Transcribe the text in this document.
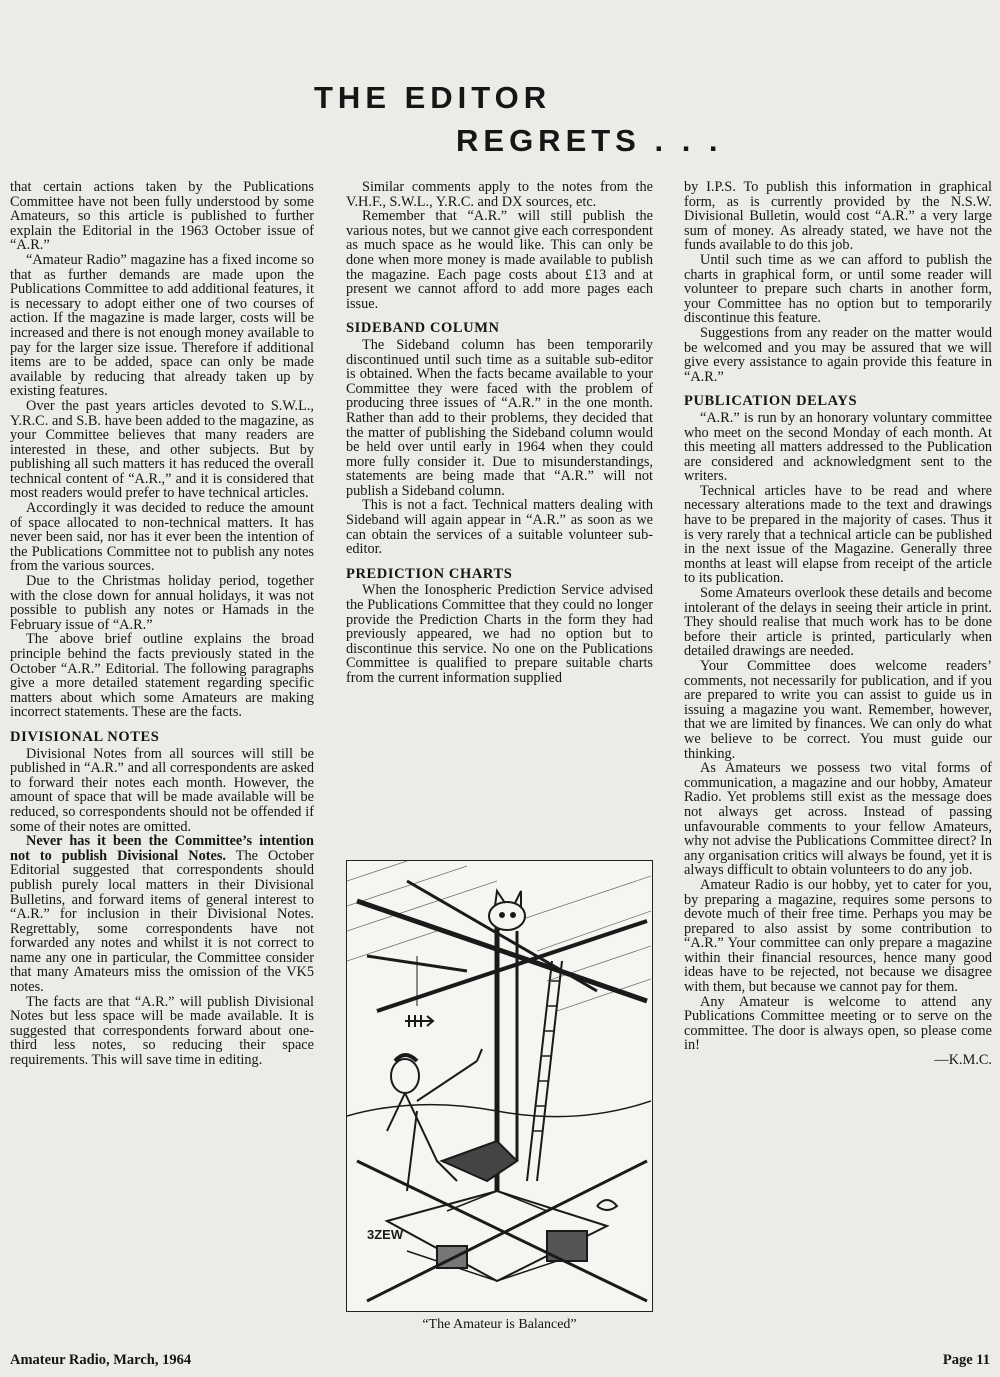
THE EDITOR
REGRETS . . .

that certain actions taken by the Publications Committee have not been fully understood by some Amateurs, so this article is published to further explain the Editorial in the 1963 October issue of “A.R.”

“Amateur Radio” magazine has a fixed income so that as further demands are made upon the Publications Committee to add additional features, it is necessary to adopt either one of two courses of action. If the magazine is made larger, costs will be increased and there is not enough money available to pay for the larger size issue. Therefore if additional items are to be added, space can only be made available by reducing that already taken up by existing features.

Over the past years articles devoted to S.W.L., Y.R.C. and S.B. have been added to the magazine, as your Committee believes that many readers are interested in these, and other subjects. But by publishing all such matters it has reduced the overall technical content of “A.R.,” and it is considered that most readers would prefer to have technical articles.

Accordingly it was decided to reduce the amount of space allocated to non-technical matters. It has never been said, nor has it ever been the intention of the Publications Committee not to publish any notes from the various sources.

Due to the Christmas holiday period, together with the close down for annual holidays, it was not possible to publish any notes or Hamads in the February issue of “A.R.”

The above brief outline explains the broad principle behind the facts previously stated in the October “A.R.” Editorial. The following paragraphs give a more detailed statement regarding specific matters about which some Amateurs are making incorrect statements. These are the facts.

DIVISIONAL NOTES

Divisional Notes from all sources will still be published in “A.R.” and all correspondents are asked to forward their notes each month. However, the amount of space that will be made available will be reduced, so correspondents should not be offended if some of their notes are omitted.

Never has it been the Committee’s intention not to publish Divisional Notes. The October Editorial suggested that correspondents should publish purely local matters in their Divisional Bulletins, and forward items of general interest to “A.R.” for inclusion in their Divisional Notes. Regrettably, some correspondents have not forwarded any notes and whilst it is not correct to name any one in particular, the Committee consider that many Amateurs miss the omission of the VK5 notes.

The facts are that “A.R.” will publish Divisional Notes but less space will be made available. It is suggested that correspondents forward about one-third less notes, so reducing their space requirements. This will save time in editing.

Similar comments apply to the notes from the V.H.F., S.W.L., Y.R.C. and DX sources, etc.

Remember that “A.R.” will still publish the various notes, but we cannot give each correspondent as much space as he would like. This can only be done when more money is made available to publish the magazine. Each page costs about £13 and at present we cannot afford to add more pages each issue.

SIDEBAND COLUMN

The Sideband column has been temporarily discontinued until such time as a suitable sub-editor is obtained. When the facts became available to your Committee they were faced with the problem of producing three issues of “A.R.” in the one month. Rather than add to their problems, they decided that the matter of publishing the Sideband column would be held over until early in 1964 when they could more fully consider it. Due to misunderstandings, statements are being made that “A.R.” will not publish a Sideband column.

This is not a fact. Technical matters dealing with Sideband will again appear in “A.R.” as soon as we can obtain the services of a suitable volunteer sub-editor.

PREDICTION CHARTS

When the Ionospheric Prediction Service advised the Publications Committee that they could no longer provide the Prediction Charts in the form they had previously appeared, we had no option but to discontinue this service. No one on the Publications Committee is qualified to prepare suitable charts from the current information supplied

3ZEW
“The Amateur is Balanced”

by I.P.S. To publish this information in graphical form, as is currently provided by the N.S.W. Divisional Bulletin, would cost “A.R.” a very large sum of money. As already stated, we have not the funds available to do this job.

Until such time as we can afford to publish the charts in graphical form, or until some reader will volunteer to prepare such charts in another form, your Committee has no option but to temporarily discontinue this feature.

Suggestions from any reader on the matter would be welcomed and you may be assured that we will give every assistance to again provide this feature in “A.R.”

PUBLICATION DELAYS

“A.R.” is run by an honorary voluntary committee who meet on the second Monday of each month. At this meeting all matters addressed to the Publication are considered and acknowledgment sent to the writers.

Technical articles have to be read and where necessary alterations made to the text and drawings have to be prepared in the majority of cases. Thus it is very rarely that a technical article can be published in the next issue of the Magazine. Generally three months at least will elapse from receipt of the article to its publication.

Some Amateurs overlook these details and become intolerant of the delays in seeing their article in print. They should realise that much work has to be done before their article is printed, particularly when detailed drawings are needed.

Your Committee does welcome readers’ comments, not necessarily for publication, and if you are prepared to write you can assist to guide us in issuing a magazine you want. Remember, however, that we are limited by finances. We can only do what we believe to be correct. You must guide our thinking.

As Amateurs we possess two vital forms of communication, a magazine and our hobby, Amateur Radio. Yet problems still exist as the message does not always get across. Instead of passing unfavourable comments to your fellow Amateurs, why not advise the Publications Committee direct? In any organisation critics will always be found, yet it is always difficult to obtain volunteers to do any job.

Amateur Radio is our hobby, yet to cater for you, by preparing a magazine, requires some persons to devote much of their free time. Perhaps you may be prepared to also assist by some contribution to “A.R.” Your committee can only prepare a magazine within their financial resources, hence many good ideas have to be rejected, not because we disagree with them, but because we cannot pay for them.

Any Amateur is welcome to attend any Publications Committee meeting or to serve on the committee. The door is always open, so please come in!

—K.M.C.

Amateur Radio, March, 1964	Page 11
